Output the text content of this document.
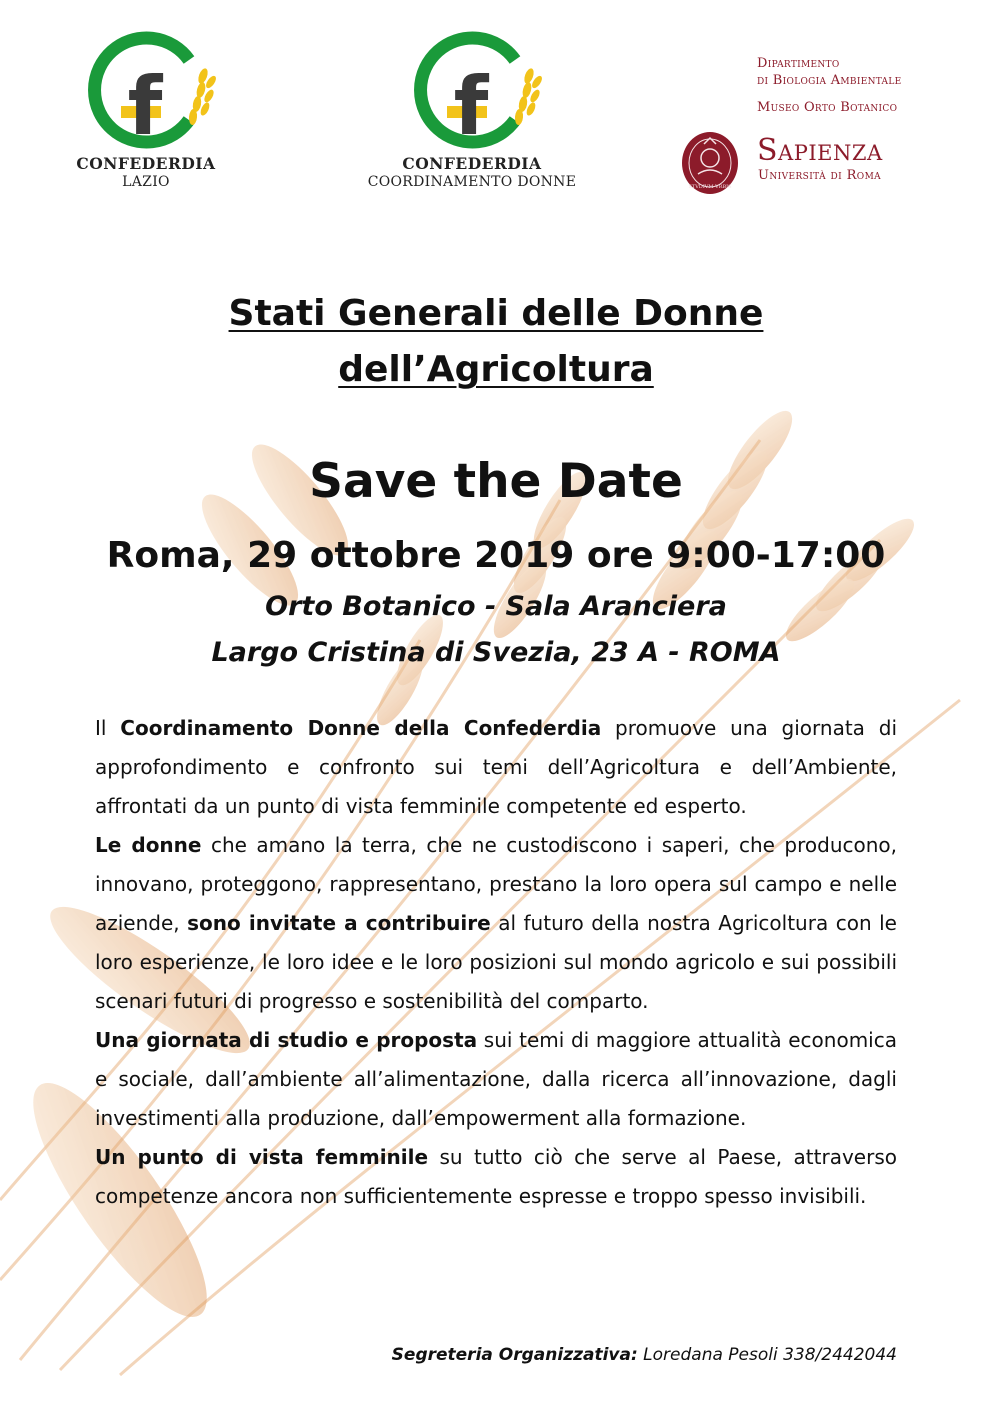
f
CONFEDERDIA
LAZIO
f
CONFEDERDIA
COORDINAMENTO DONNE
Dipartimento
di Biologia Ambientale
Museo Orto Botanico
STVDIVM VRBIS
Sapienza
Università di Roma
Stati Generali delle Donne
dell’Agricoltura
Save the Date
Roma, 29 ottobre 2019 ore 9:00-17:00
Orto Botanico - Sala Aranciera
Largo Cristina di Svezia, 23 A - ROMA

Il Coordinamento Donne della Confederdia promuove una giornata di approfondimento e confronto sui temi dell’Agricoltura e dell’Ambiente, affrontati da un punto di vista femminile competente ed esperto.

Le donne che amano la terra, che ne custodiscono i saperi, che producono, innovano, proteggono, rappresentano, prestano la loro opera sul campo e nelle aziende, sono invitate a contribuire al futuro della nostra Agricoltura con le loro esperienze, le loro idee e le loro posizioni sul mondo agricolo e sui possibili scenari futuri di progresso e sostenibilità del comparto.

Una giornata di studio e proposta sui temi di maggiore attualità economica e sociale, dall’ambiente all’alimentazione, dalla ricerca all’innovazione, dagli investimenti alla produzione, dall’empowerment alla formazione.

Un punto di vista femminile su tutto ciò che serve al Paese, attraverso competenze ancora non sufficientemente espresse e troppo spesso invisibili.

Segreteria Organizzativa: Loredana Pesoli 338/2442044
